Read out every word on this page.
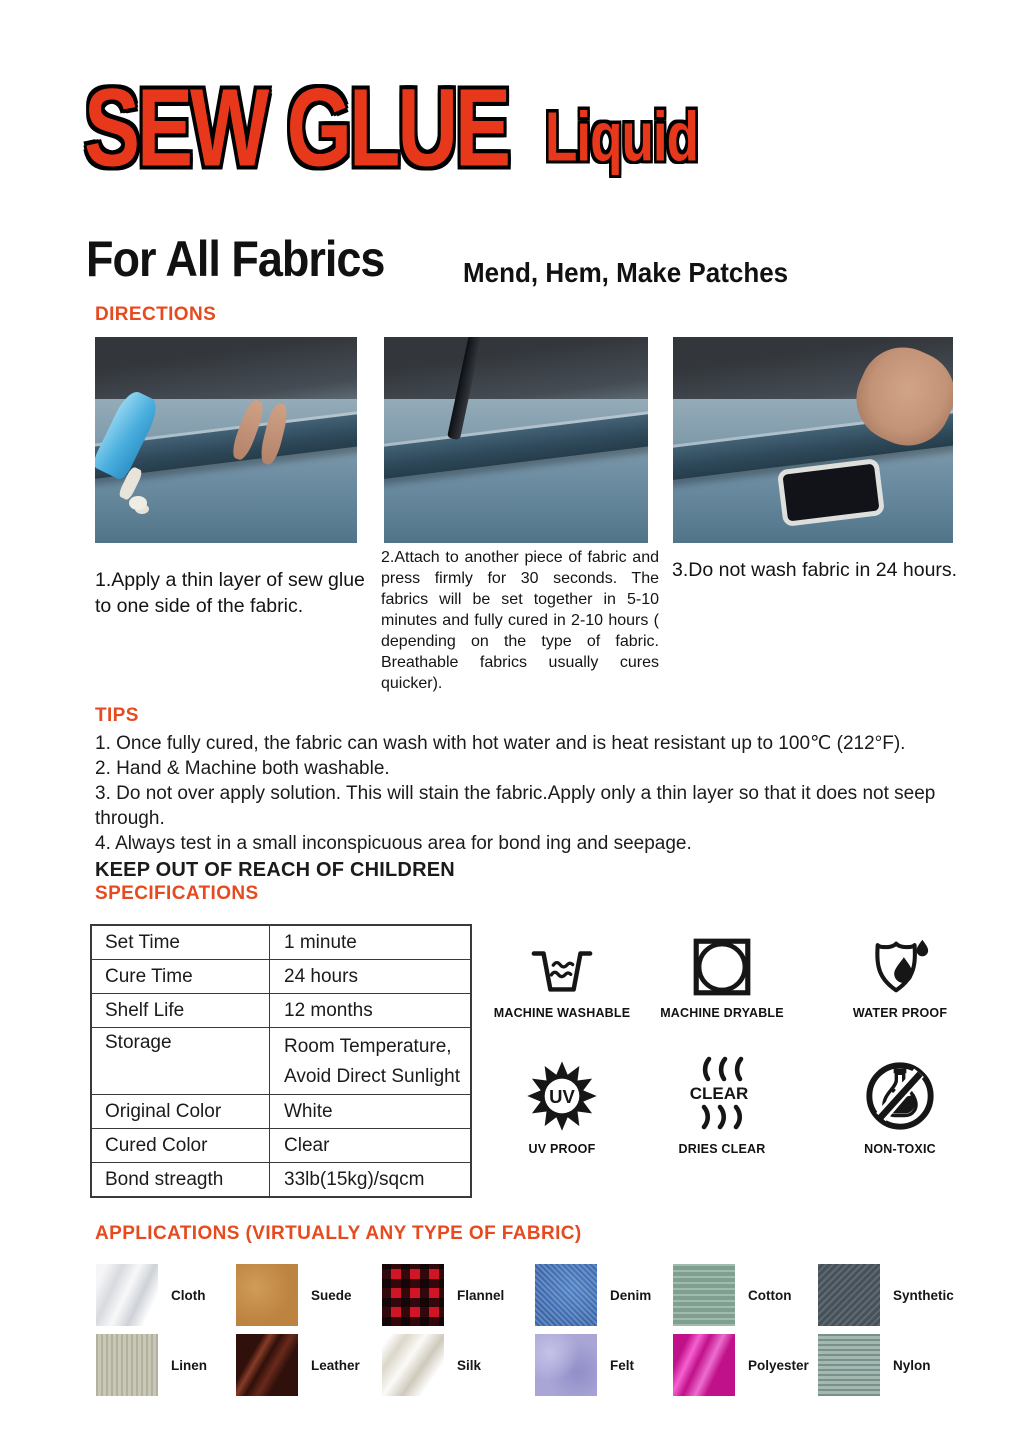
SEW GLUE Liquid
For All Fabrics	Mend, Hem, Make Patches
DIRECTIONS

1.Apply a thin layer of sew glue to one side of the fabric.

2.Attach to another piece of fabric and press firmly for 30 seconds. The fabrics will be set together in 5-10 minutes and fully cured in 2-10 hours ( depending on the type of fabric. Breathable fabrics usually cures quicker).

3.Do not wash fabric in 24 hours.

TIPS

1. Once fully cured, the fabric can wash with hot water and is heat resistant up to 100℃ (212°F).

2. Hand & Machine both washable.

3. Do not over apply solution. This will stain the fabric.Apply only a thin layer so that it does not seep through.

4. Always test in a small inconspicuous area for bond ing and seepage.

KEEP OUT OF REACH OF CHILDREN

SPECIFICATIONS
Set Time	1 minute
Cure Time	24 hours
Shelf Life	12 months
Storage	Room Temperature,
Avoid Direct Sunlight
Original Color	White
Cured Color	Clear
Bond streagth	33lb(15kg)/sqcm
MACHINE WASHABLE MACHINE DRYABLE	WATER PROOF
UV
UV PROOF
CLEAR
DRIES CLEAR	NON-TOXIC
APPLICATIONS (VIRTUALLY ANY TYPE OF FABRIC)
Cloth	Suede	Flannel	Denim	Cotton	Synthetic
Linen	Leather	Silk	Felt	Polyester	Nylon
